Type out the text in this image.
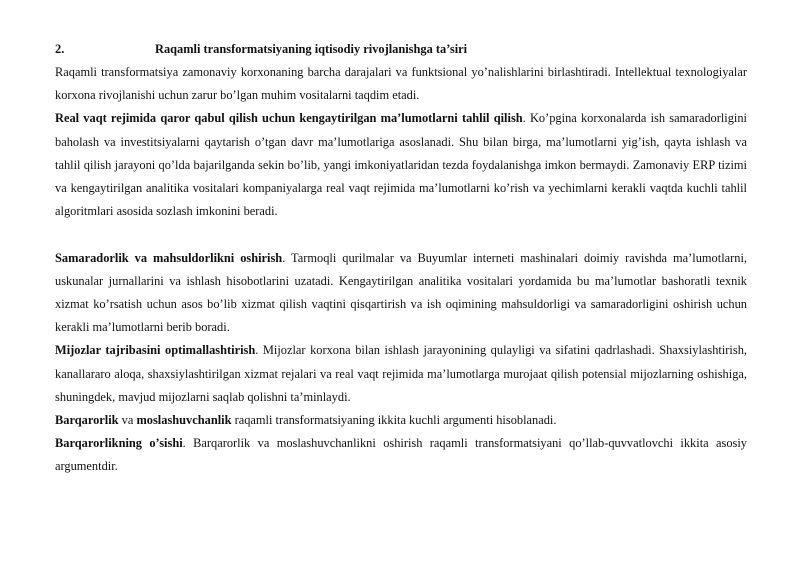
2.	Raqamli transformatsiyaning iqtisodiy rivojlanishga ta’siri

Raqamli transformatsiya zamonaviy korxonaning barcha darajalari va funktsional yo’nalishlarini birlashtiradi. Intellektual texnologiyalar korxona rivojlanishi uchun zarur bo’lgan muhim vositalarni taqdim etadi.

Real vaqt rejimida qaror qabul qilish uchun kengaytirilgan ma’lumotlarni tahlil qilish. Ko’pgina korxonalarda ish samaradorligini baholash va investitsiyalarni qaytarish o’tgan davr ma’lumotlariga asoslanadi. Shu bilan birga, ma’lumotlarni yig’ish, qayta ishlash va tahlil qilish jarayoni qo’lda bajarilganda sekin bo’lib, yangi imkoniyatlaridan tezda foydalanishga imkon bermaydi. Zamonaviy ERP tizimi va kengaytirilgan analitika vositalari kompaniyalarga real vaqt rejimida ma’lumotlarni ko’rish va yechimlarni kerakli vaqtda kuchli tahlil algoritmlari asosida sozlash imkonini beradi.

Samaradorlik va mahsuldorlikni oshirish. Tarmoqli qurilmalar va Buyumlar interneti mashinalari doimiy ravishda ma’lumotlarni, uskunalar jurnallarini va ishlash hisobotlarini uzatadi. Kengaytirilgan analitika vositalari yordamida bu ma’lumotlar bashoratli texnik xizmat ko’rsatish uchun asos bo’lib xizmat qilish vaqtini qisqartirish va ish oqimining mahsuldorligi va samaradorligini oshirish uchun kerakli ma’lumotlarni berib boradi.

Mijozlar tajribasini optimallashtirish. Mijozlar korxona bilan ishlash jarayonining qulayligi va sifatini qadrlashadi. Shaxsiylashtirish, kanallararo aloqa, shaxsiylashtirilgan xizmat rejalari va real vaqt rejimida ma’lumotlarga murojaat qilish potensial mijozlarning oshishiga, shuningdek, mavjud mijozlarni saqlab qolishni ta’minlaydi.

Barqarorlik va moslashuvchanlik raqamli transformatsiyaning ikkita kuchli argumenti hisoblanadi.

Barqarorlikning o’sishi. Barqarorlik va moslashuvchanlikni oshirish raqamli transformatsiyani qo’llab-quvvatlovchi ikkita asosiy argumentdir.
